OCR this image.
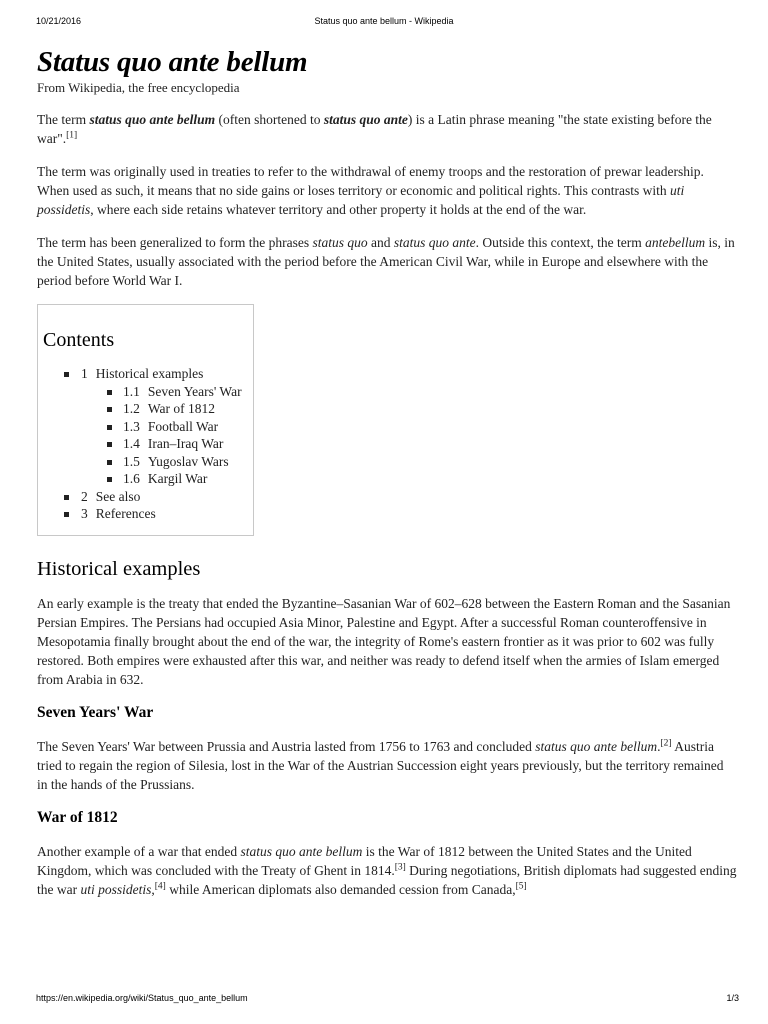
10/21/2016	Status quo ante bellum - Wikipedia
Status quo ante bellum
From Wikipedia, the free encyclopedia

The term status quo ante bellum (often shortened to status quo ante) is a Latin phrase meaning "the state existing before the war".[1]

The term was originally used in treaties to refer to the withdrawal of enemy troops and the restoration of prewar leadership. When used as such, it means that no side gains or loses territory or economic and political rights. This contrasts with uti possidetis, where each side retains whatever territory and other property it holds at the end of the war.

The term has been generalized to form the phrases status quo and status quo ante. Outside this context, the term antebellum is, in the United States, usually associated with the period before the American Civil War, while in Europe and elsewhere with the period before World War I.

Contents
1 Historical examples
1.1 Seven Years' War
1.2 War of 1812
1.3 Football War
1.4 Iran–Iraq War
1.5 Yugoslav Wars
1.6 Kargil War
2 See also
3 References
Historical examples

An early example is the treaty that ended the Byzantine–Sasanian War of 602–628 between the Eastern Roman and the Sasanian Persian Empires. The Persians had occupied Asia Minor, Palestine and Egypt. After a successful Roman counteroffensive in Mesopotamia finally brought about the end of the war, the integrity of Rome's eastern frontier as it was prior to 602 was fully restored. Both empires were exhausted after this war, and neither was ready to defend itself when the armies of Islam emerged from Arabia in 632.

Seven Years' War

The Seven Years' War between Prussia and Austria lasted from 1756 to 1763 and concluded status quo ante bellum.[2] Austria tried to regain the region of Silesia, lost in the War of the Austrian Succession eight years previously, but the territory remained in the hands of the Prussians.

War of 1812

Another example of a war that ended status quo ante bellum is the War of 1812 between the United States and the United Kingdom, which was concluded with the Treaty of Ghent in 1814.[3] During negotiations, British diplomats had suggested ending the war uti possidetis,[4] while American diplomats also demanded cession from Canada,[5]

https://en.wikipedia.org/wiki/Status_quo_ante_bellum	1/3
